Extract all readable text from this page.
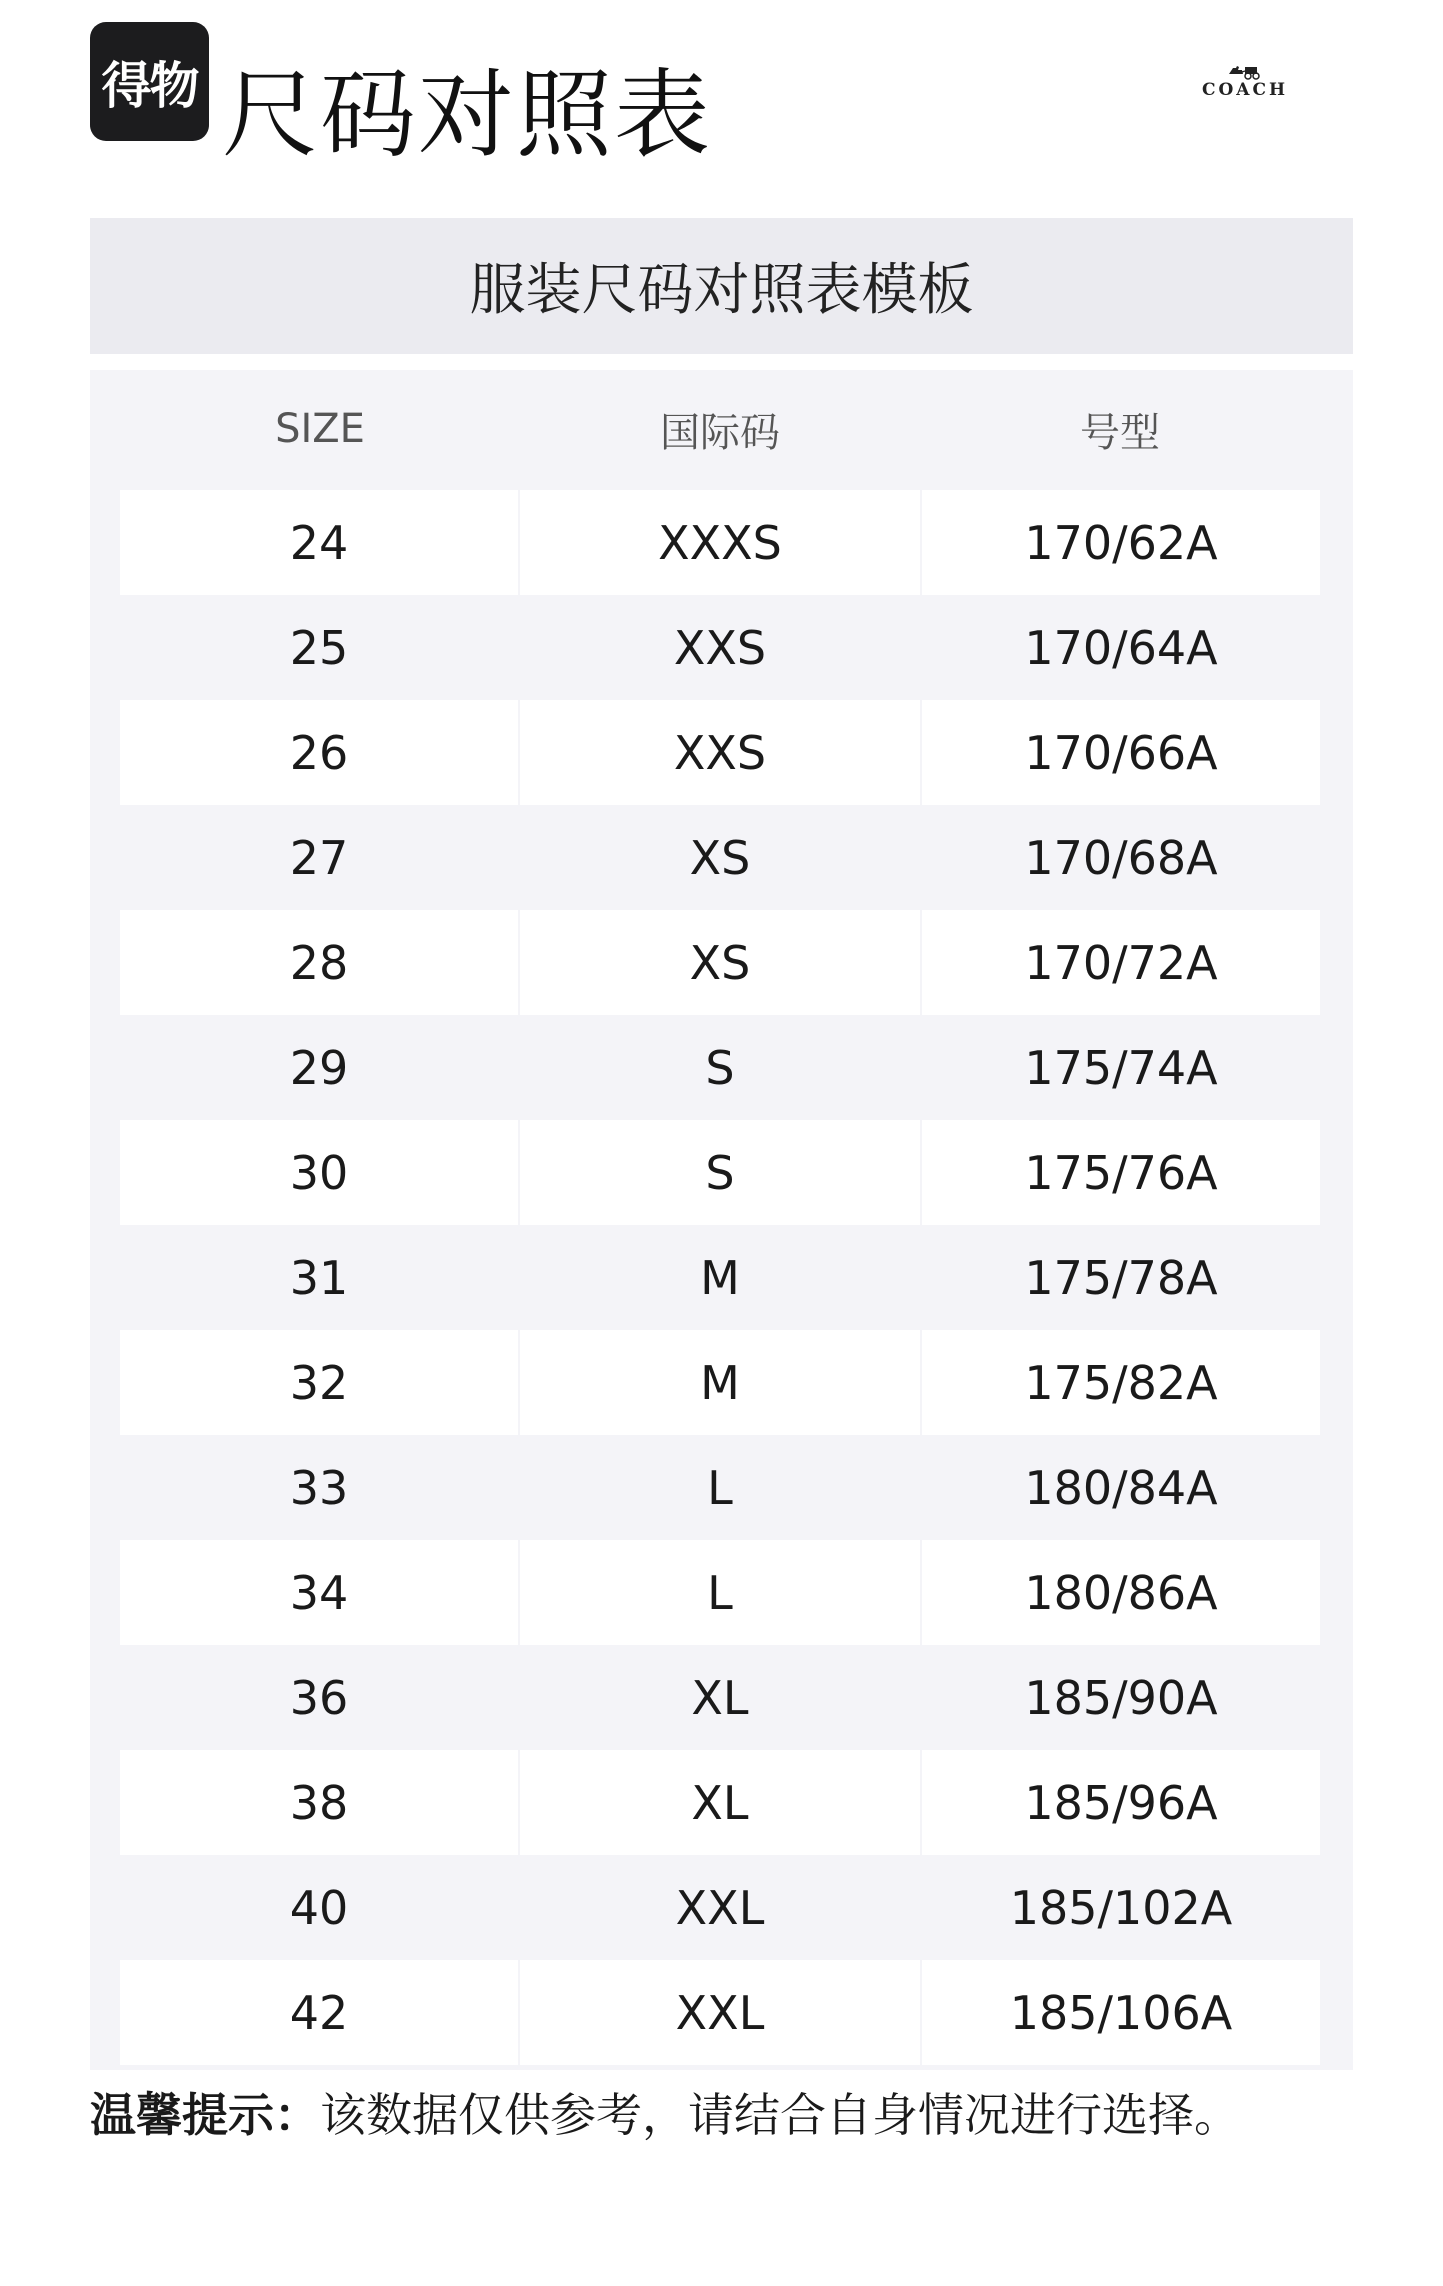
得物 尺码对照表	COACH
服装尺码对照表模板
SIZE	国际码	号型
24	XXXS	170/62A
25	XXS	170/64A
26	XXS	170/66A
27	XS	170/68A
28	XS	170/72A
29	S	175/74A
30	S	175/76A
31	M	175/78A
32	M	175/82A
33	L	180/84A
34	L	180/86A
36	XL	185/90A
38	XL	185/96A
40	XXL	185/102A
42	XXL	185/106A
温馨提示：该数据仅供参考，请结合自身情况进行选择。
